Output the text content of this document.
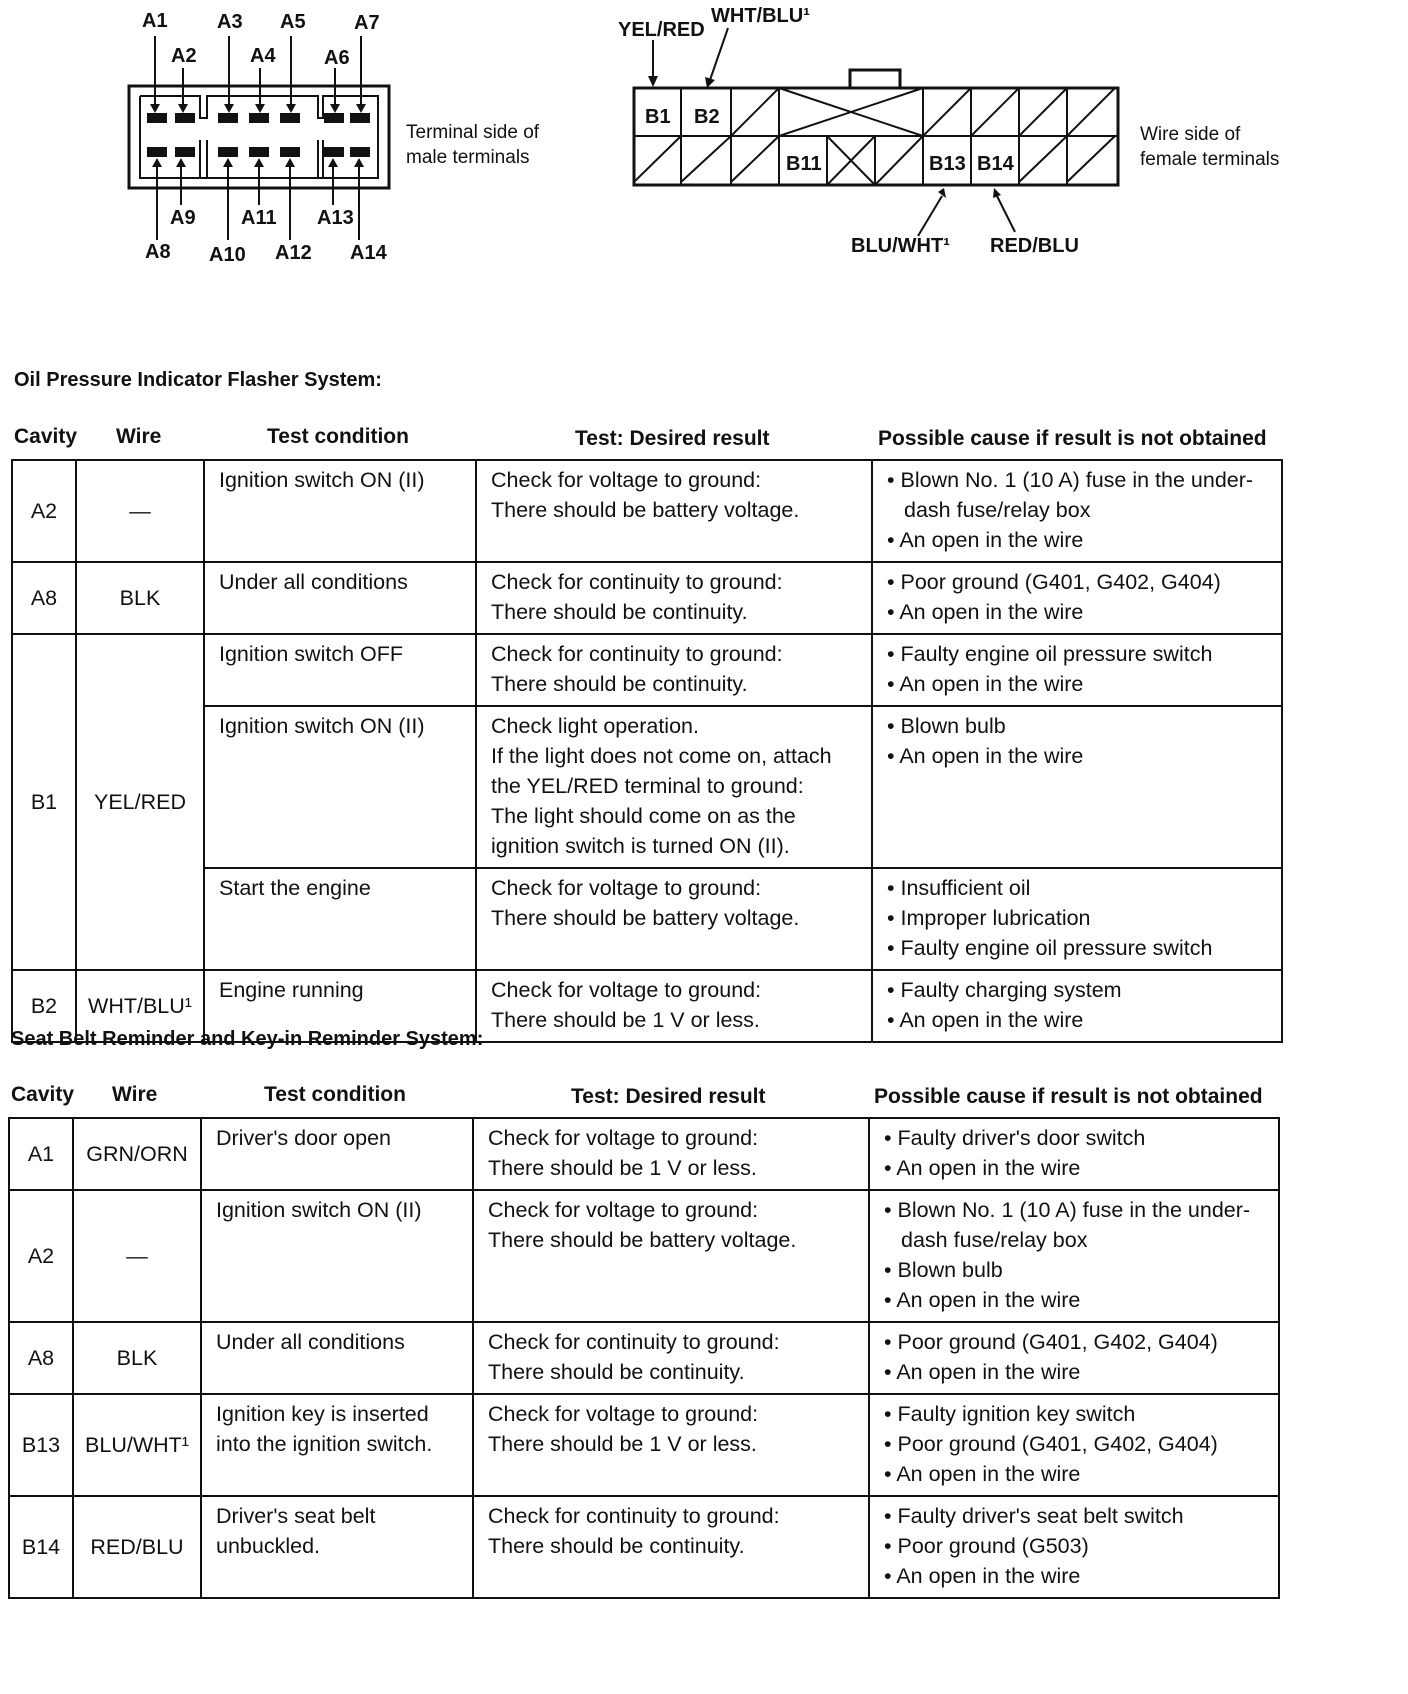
A1
A2
A3
A4
A5
A6
A7
A8
A9
A10
A11
A12
A13
A14
Terminal side of
male terminals
YEL/RED
WHT/BLU¹
B1 B2
B11	B13 B14
BLU/WHT¹ RED/BLU
Wire side of
female terminals
Oil Pressure Indicator Flasher System:
Cavity Wire	Test condition	Test: Desired result	Possible cause if result is not obtained
A2	—	Ignition switch ON (II)	Check for voltage to ground:
There should be battery voltage.	• Blown No. 1 (10 A) fuse in the under-dash fuse/relay box
• An open in the wire

A8	BLK	Under all conditions	Check for continuity to ground:
There should be continuity.	• Poor ground (G401, G402, G404)
• An open in the wire

B1	YEL/RED	Ignition switch OFF	Check for continuity to ground:
There should be continuity.	• Faulty engine oil pressure switch
• An open in the wire

		Ignition switch ON (II)	Check light operation.
If the light does not come on, attach
the YEL/RED terminal to ground:
The light should come on as the
ignition switch is turned ON (II).	• Blown bulb
• An open in the wire

		Start the engine	Check for voltage to ground:
There should be battery voltage.	• Insufficient oil
• Improper lubrication
• Faulty engine oil pressure switch

B2	WHT/BLU¹	Engine running	Check for voltage to ground:
There should be 1 V or less.	• Faulty charging system
• An open in the wire
Seat Belt Reminder and Key-in Reminder System:
Cavity Wire	Test condition	Test: Desired result	Possible cause if result is not obtained
A1	GRN/ORN	Driver's door open	Check for voltage to ground:
There should be 1 V or less.	• Faulty driver's door switch
• An open in the wire

A2	—	Ignition switch ON (II)	Check for voltage to ground:
There should be battery voltage.	• Blown No. 1 (10 A) fuse in the under-dash fuse/relay box
• Blown bulb
• An open in the wire

A8	BLK	Under all conditions	Check for continuity to ground:
There should be continuity.	• Poor ground (G401, G402, G404)
• An open in the wire

B13	BLU/WHT¹	Ignition key is inserted
into the ignition switch.	Check for voltage to ground:
There should be 1 V or less.	• Faulty ignition key switch
• Poor ground (G401, G402, G404)
• An open in the wire

B14	RED/BLU	Driver's seat belt
unbuckled.	Check for continuity to ground:
There should be continuity.	• Faulty driver's seat belt switch
• Poor ground (G503)
• An open in the wire
